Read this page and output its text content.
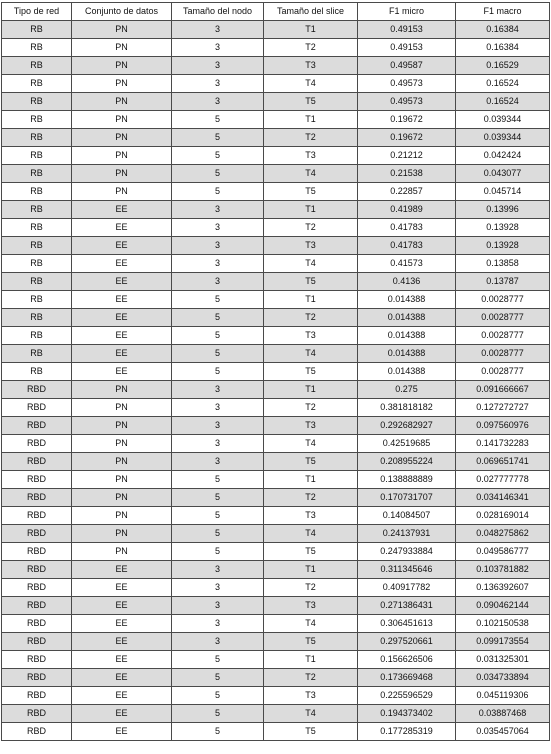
Tipo de red	Conjunto de datos	Tamaño del nodo	Tamaño del slice	F1 micro	F1 macro
RB	PN	3	T1	0.49153	0.16384
RB	PN	3	T2	0.49153	0.16384
RB	PN	3	T3	0.49587	0.16529
RB	PN	3	T4	0.49573	0.16524
RB	PN	3	T5	0.49573	0.16524
RB	PN	5	T1	0.19672	0.039344
RB	PN	5	T2	0.19672	0.039344
RB	PN	5	T3	0.21212	0.042424
RB	PN	5	T4	0.21538	0.043077
RB	PN	5	T5	0.22857	0.045714
RB	EE	3	T1	0.41989	0.13996
RB	EE	3	T2	0.41783	0.13928
RB	EE	3	T3	0.41783	0.13928
RB	EE	3	T4	0.41573	0.13858
RB	EE	3	T5	0.4136	0.13787
RB	EE	5	T1	0.014388	0.0028777
RB	EE	5	T2	0.014388	0.0028777
RB	EE	5	T3	0.014388	0.0028777
RB	EE	5	T4	0.014388	0.0028777
RB	EE	5	T5	0.014388	0.0028777
RBD	PN	3	T1	0.275	0.091666667
RBD	PN	3	T2	0.381818182	0.127272727
RBD	PN	3	T3	0.292682927	0.097560976
RBD	PN	3	T4	0.42519685	0.141732283
RBD	PN	3	T5	0.208955224	0.069651741
RBD	PN	5	T1	0.138888889	0.027777778
RBD	PN	5	T2	0.170731707	0.034146341
RBD	PN	5	T3	0.14084507	0.028169014
RBD	PN	5	T4	0.24137931	0.048275862
RBD	PN	5	T5	0.247933884	0.049586777
RBD	EE	3	T1	0.311345646	0.103781882
RBD	EE	3	T2	0.40917782	0.136392607
RBD	EE	3	T3	0.271386431	0.090462144
RBD	EE	3	T4	0.306451613	0.102150538
RBD	EE	3	T5	0.297520661	0.099173554
RBD	EE	5	T1	0.156626506	0.031325301
RBD	EE	5	T2	0.173669468	0.034733894
RBD	EE	5	T3	0.225596529	0.045119306
RBD	EE	5	T4	0.194373402	0.03887468
RBD	EE	5	T5	0.177285319	0.035457064
